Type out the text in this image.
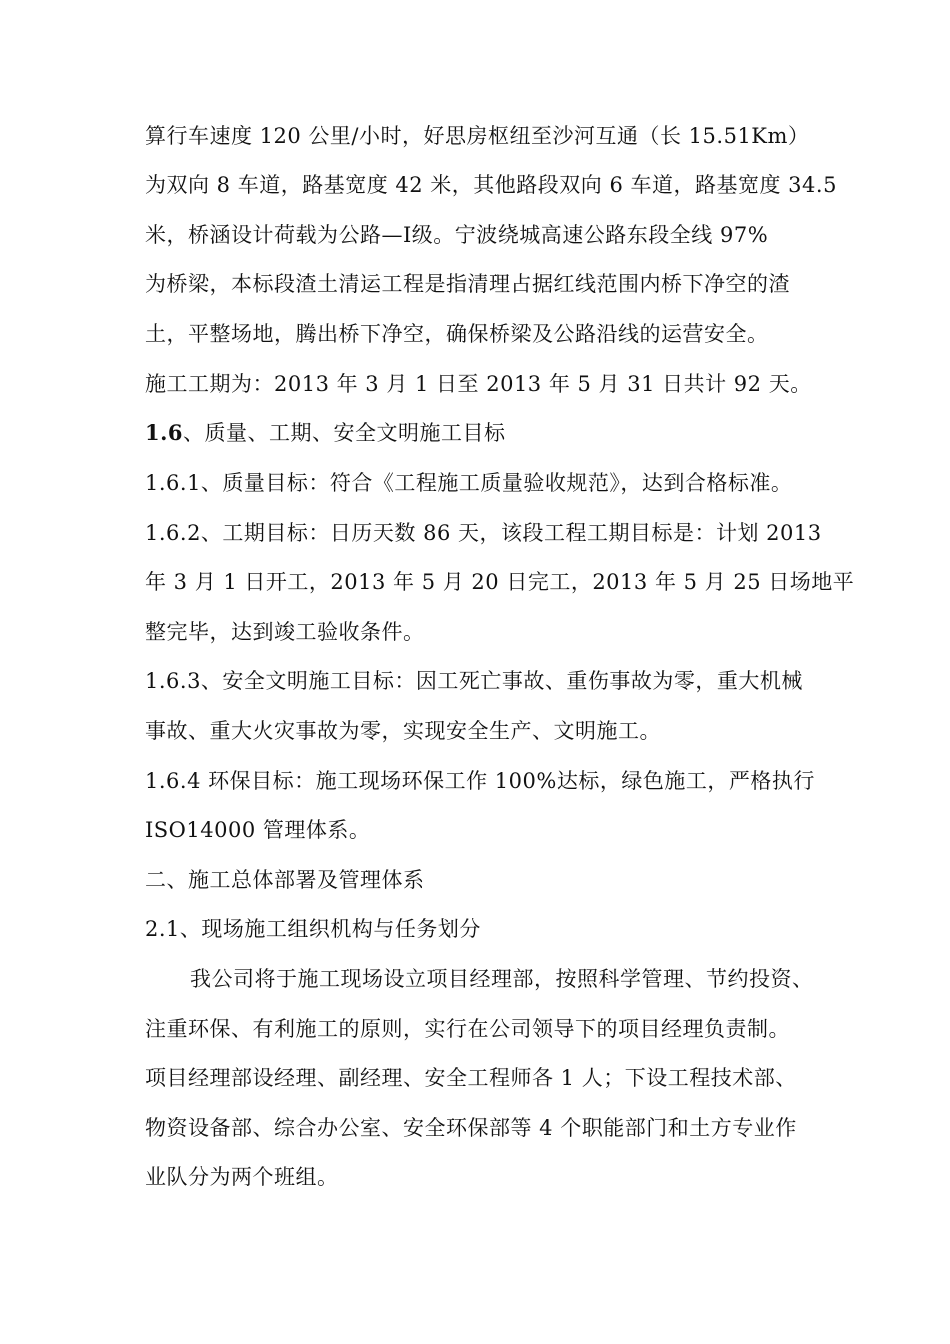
算行车速度 120 公里/小时，好思房枢纽至沙河互通（长 15.51Km）
为双向 8 车道，路基宽度 42 米，其他路段双向 6 车道，路基宽度 34.5
米，桥涵设计荷载为公路—Ⅰ级。宁波绕城高速公路东段全线 97%
为桥梁，本标段渣土清运工程是指清理占据红线范围内桥下净空的渣
土，平整场地，腾出桥下净空，确保桥梁及公路沿线的运营安全。
施工工期为：2013 年 3 月 1 日至 2013 年 5 月 31 日共计 92 天。
1.6、质量、工期、安全文明施工目标
1.6.1、质量目标：符合《工程施工质量验收规范》，达到合格标准。
1.6.2、工期目标：日历天数 86 天，该段工程工期目标是：计划 2013
年 3 月 1 日开工，2013 年 5 月 20 日完工，2013 年 5 月 25 日场地平
整完毕，达到竣工验收条件。
1.6.3、安全文明施工目标：因工死亡事故、重伤事故为零，重大机械
事故、重大火灾事故为零，实现安全生产、文明施工。
1.6.4 环保目标：施工现场环保工作 100%达标，绿色施工，严格执行
ISO14000 管理体系。
二、施工总体部署及管理体系
2.1、现场施工组织机构与任务划分
我公司将于施工现场设立项目经理部，按照科学管理、节约投资、
注重环保、有利施工的原则，实行在公司领导下的项目经理负责制。
项目经理部设经理、副经理、安全工程师各 1 人；下设工程技术部、
物资设备部、综合办公室、安全环保部等 4 个职能部门和土方专业作
业队分为两个班组。
